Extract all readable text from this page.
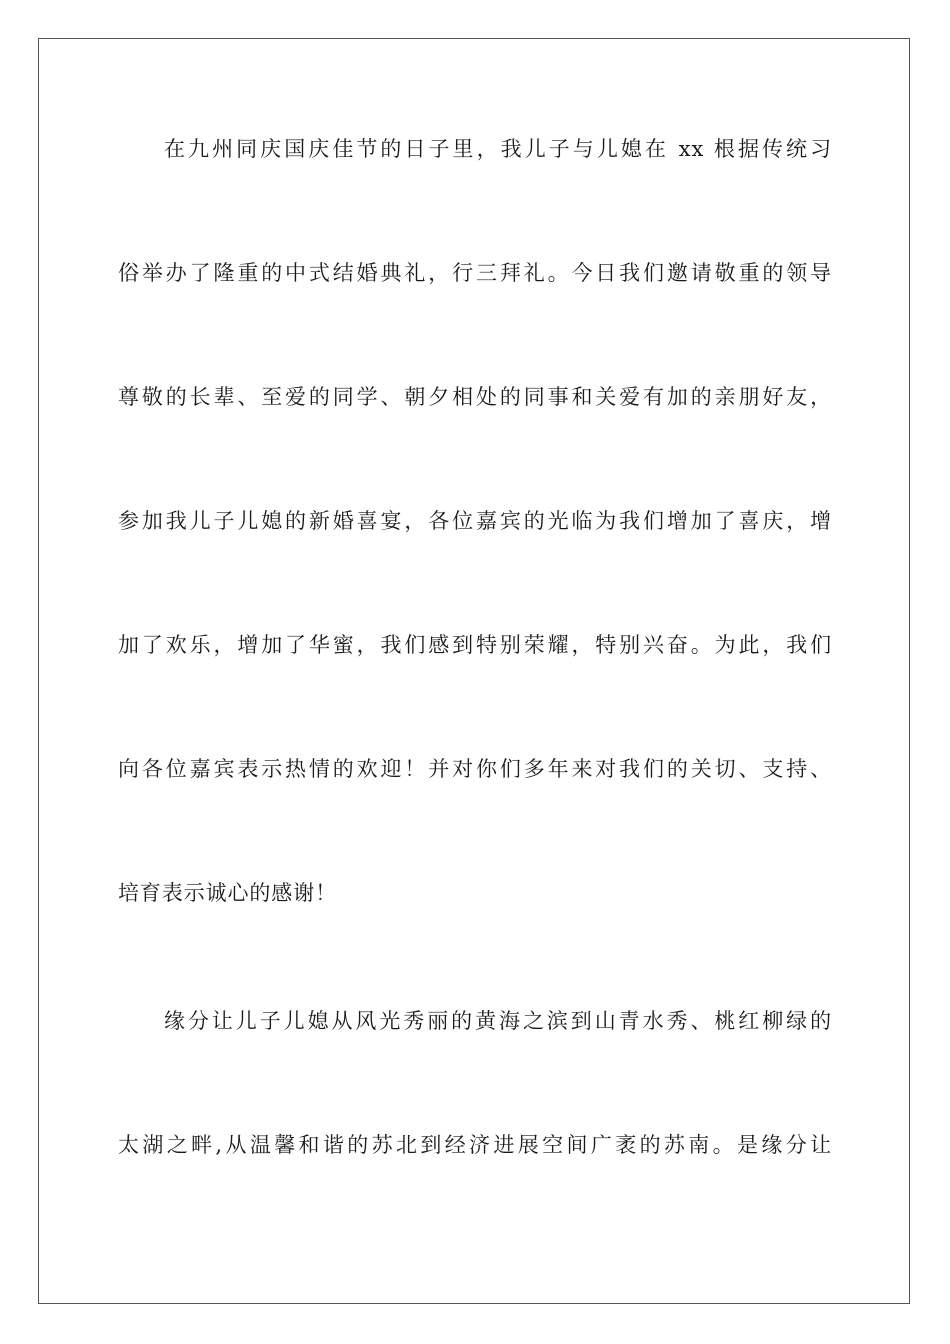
在九州同庆国庆佳节的日子里，我儿子与儿媳在 xx 根据传统习
俗举办了隆重的中式结婚典礼，行三拜礼。今日我们邀请敬重的领导
尊敬的长辈、至爱的同学、朝夕相处的同事和关爱有加的亲朋好友，
参加我儿子儿媳的新婚喜宴，各位嘉宾的光临为我们增加了喜庆，增
加了欢乐，增加了华蜜，我们感到特别荣耀，特别兴奋。为此，我们
向各位嘉宾表示热情的欢迎！并对你们多年来对我们的关切、支持、
培育表示诚心的感谢！
缘分让儿子儿媳从风光秀丽的黄海之滨到山青水秀、桃红柳绿的
太湖之畔,从温馨和谐的苏北到经济进展空间广袤的苏南。是缘分让
